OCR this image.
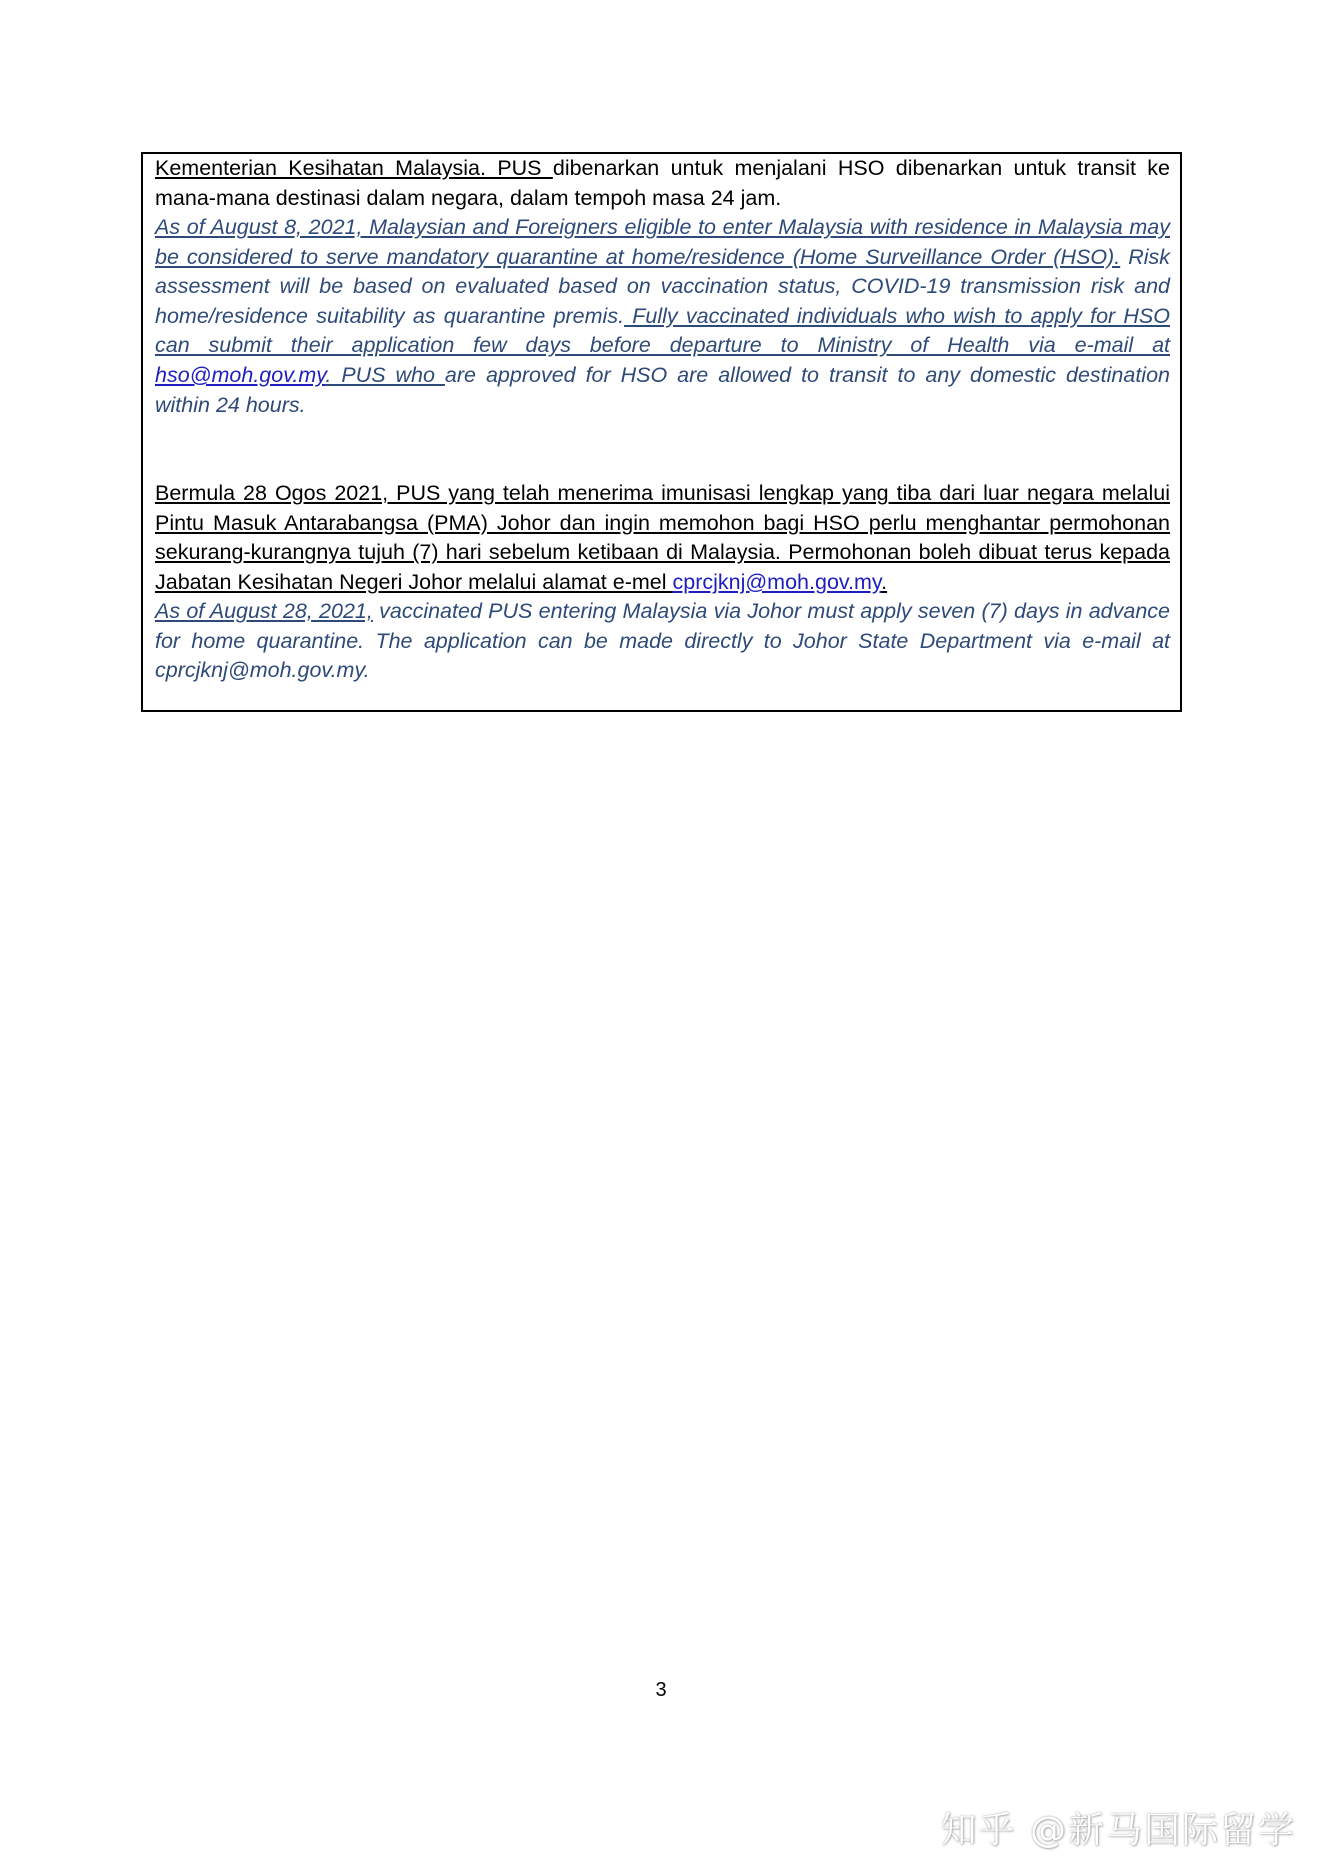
Kementerian Kesihatan Malaysia. PUS dibenarkan untuk menjalani HSO dibenarkan untuk transit ke mana-mana destinasi dalam negara, dalam tempoh masa 24 jam.

As of August 8, 2021, Malaysian and Foreigners eligible to enter Malaysia with residence in Malaysia may be considered to serve mandatory quarantine at home/residence (Home Surveillance Order (HSO). Risk assessment will be based on evaluated based on vaccination status, COVID-19 transmission risk and home/residence suitability as quarantine premis. Fully vaccinated individuals who wish to apply for HSO can submit their application few days before departure to Ministry of Health via e-mail at hso@moh.gov.my. PUS who are approved for HSO are allowed to transit to any domestic destination within 24 hours.

Bermula 28 Ogos 2021, PUS yang telah menerima imunisasi lengkap yang tiba dari luar negara melalui Pintu Masuk Antarabangsa (PMA) Johor dan ingin memohon bagi HSO perlu menghantar permohonan sekurang-kurangnya tujuh (7) hari sebelum ketibaan di Malaysia. Permohonan boleh dibuat terus kepada Jabatan Kesihatan Negeri Johor melalui alamat e-mel cprcjknj@moh.gov.my.

As of August 28, 2021, vaccinated PUS entering Malaysia via Johor must apply seven (7) days in advance for home quarantine. The application can be made directly to Johor State Department via e-mail at cprcjknj@moh.gov.my.

3
知乎 @新马国际留学
